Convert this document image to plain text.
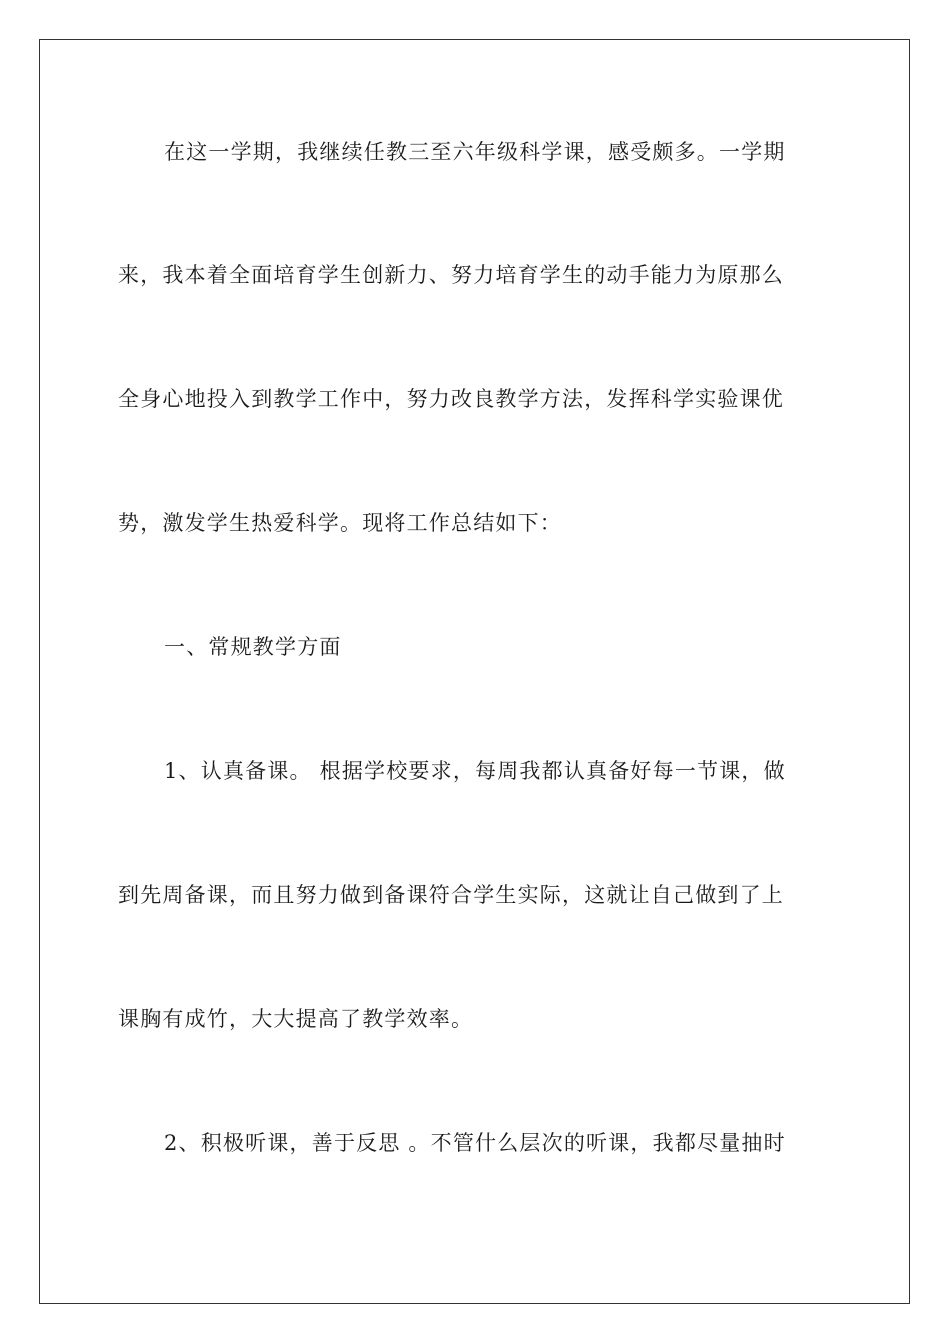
在这一学期，我继续任教三至六年级科学课，感受颇多。一学期
来，我本着全面培育学生创新力、努力培育学生的动手能力为原那么
全身心地投入到教学工作中，努力改良教学方法，发挥科学实验课优
势，激发学生热爱科学。现将工作总结如下：
一、常规教学方面
1、认真备课。 根据学校要求，每周我都认真备好每一节课，做
到先周备课，而且努力做到备课符合学生实际，这就让自己做到了上
课胸有成竹，大大提高了教学效率。
2、积极听课，善于反思 。不管什么层次的听课，我都尽量抽时
